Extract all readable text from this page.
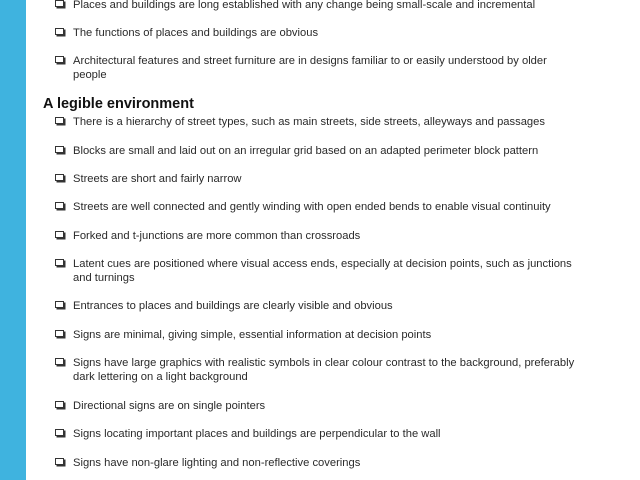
Places and buildings are long established with any change being small-scale and incremental
The functions of places and buildings are obvious
Architectural features and street furniture are in designs familiar to or easily understood by older people
A legible environment
There is a hierarchy of street types, such as main streets, side streets, alleyways and passages
Blocks are small and laid out on an irregular grid based on an adapted perimeter block pattern
Streets are short and fairly narrow
Streets are well connected and gently winding with open ended bends to enable visual continuity
Forked and t-junctions are more common than crossroads
Latent cues are positioned where visual access ends, especially at decision points, such as junctions and turnings
Entrances to places and buildings are clearly visible and obvious
Signs are minimal, giving simple, essential information at decision points
Signs have large graphics with realistic symbols in clear colour contrast to the background, preferably dark lettering on a light background
Directional signs are on single pointers
Signs locating important places and buildings are perpendicular to the wall
Signs have non-glare lighting and non-reflective coverings
